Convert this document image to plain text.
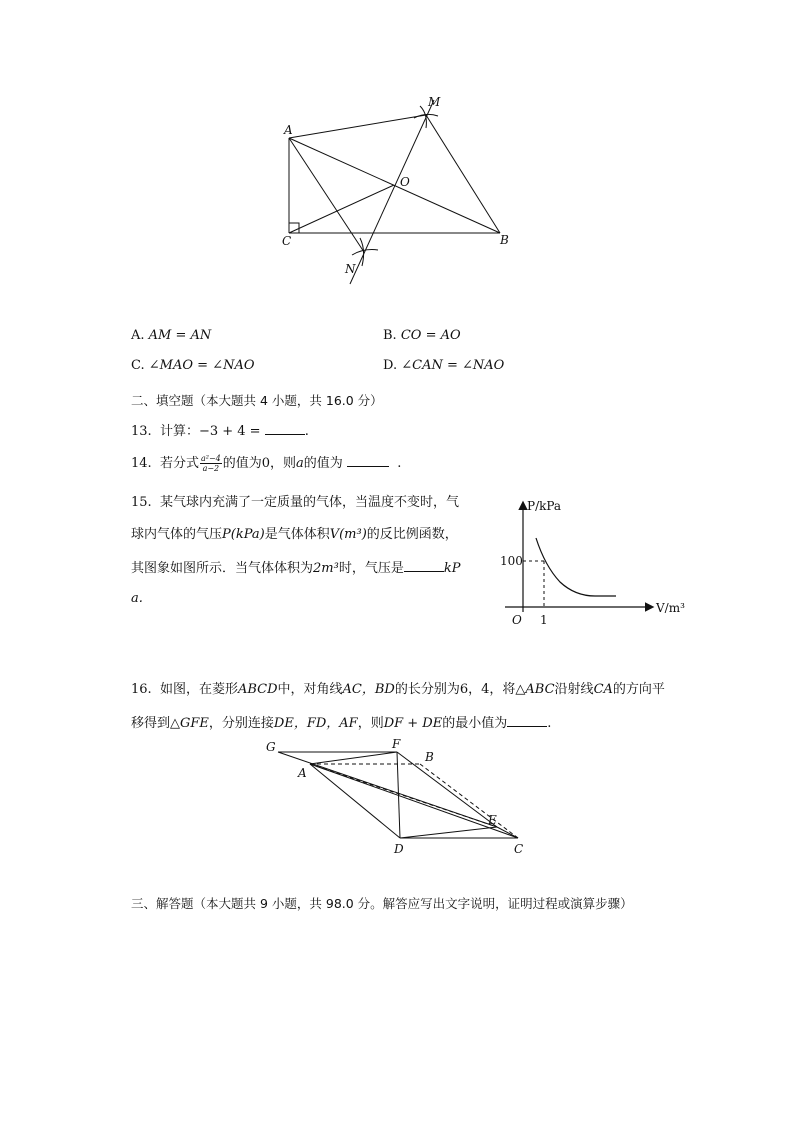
A
M
O
C	B
N
A. AM = AN	B. CO = AO
C. ∠MAO = ∠NAO	D. ∠CAN = ∠NAO
二、填空题（本大题共 4 小题，共 16.0 分）
13. 计算：−3 + 4 =	.
14. 若分式 $\frac{\text{a²−4}}{a-2}$ 的值为0，则a的值为	.
15. 某气球内充满了一定质量的气体，当温度不变时，气
球内气体的气压P(kPa)是气体体积V(m³)的反比例函数，
其图象如图所示．当气体体积为2m³时，气压是	kP
a.
P/kPa
V/m³
O
100
1
16. 如图，在菱形ABCD中，对角线AC，BD的长分别为6，4，将△ABC沿射线CA的方向平
移得到△GFE，分别连接DE，FD，AF，则DF + DE的最小值为	.
G	F
B
A
E
D	C
三、解答题（本大题共 9 小题，共 98.0 分。解答应写出文字说明，证明过程或演算步骤）
